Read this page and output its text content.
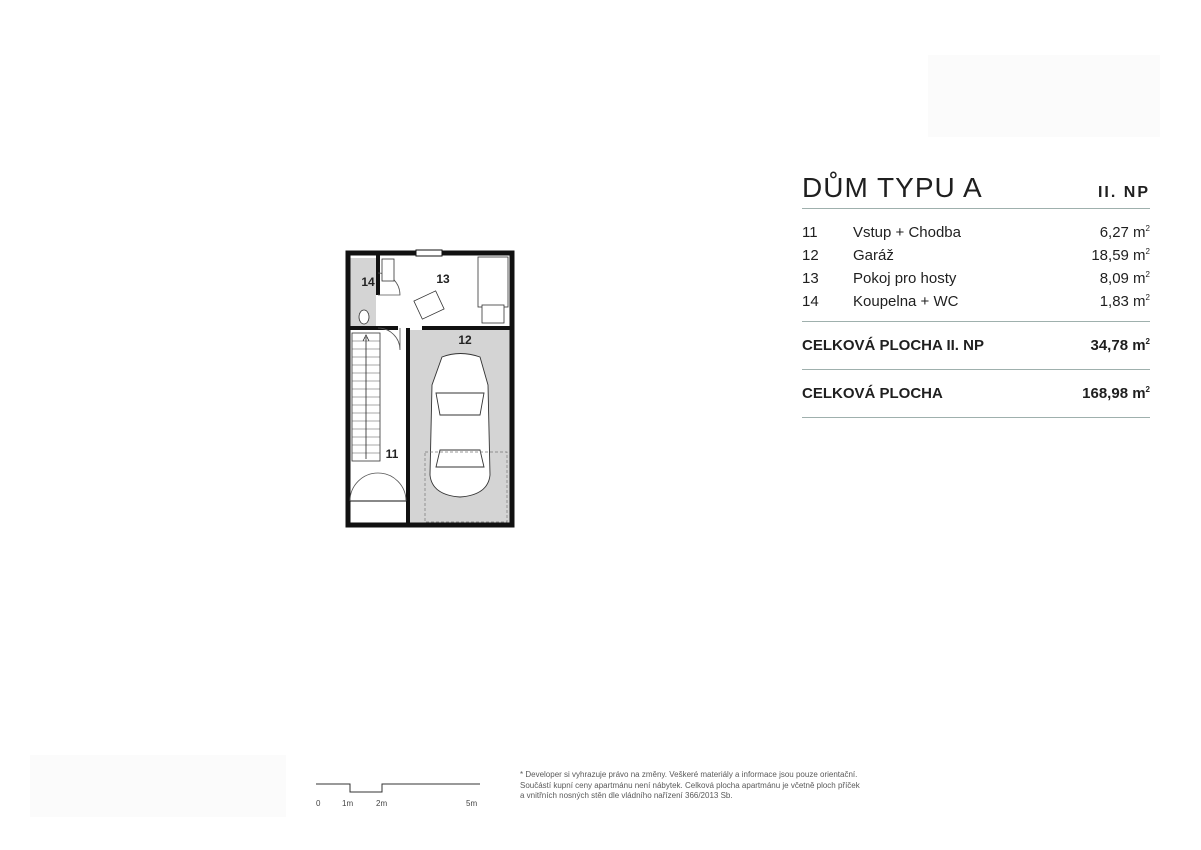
14	13
12
11
DŮM TYPU A	II. NP
11	Vstup + Chodba	6,27 $m^2$
12	Garáž	18,59 $m^2$
13	Pokoj pro hosty	8,09 $m^2$
14	Koupelna + WC	1,83 $m^2$
CELKOVÁ PLOCHA II. NP	34,78 $m^2$
CELKOVÁ PLOCHA	168,98 $m^2$
0	1m	2m	5m
* Developer si vyhrazuje právo na změny. Veškeré materiály a informace jsou pouze orientační. Součástí kupní ceny apartmánu není nábytek. Celková plocha apartmánu je včetně ploch příček a vnitřních nosných stěn dle vládního nařízení 366/2013 Sb.
